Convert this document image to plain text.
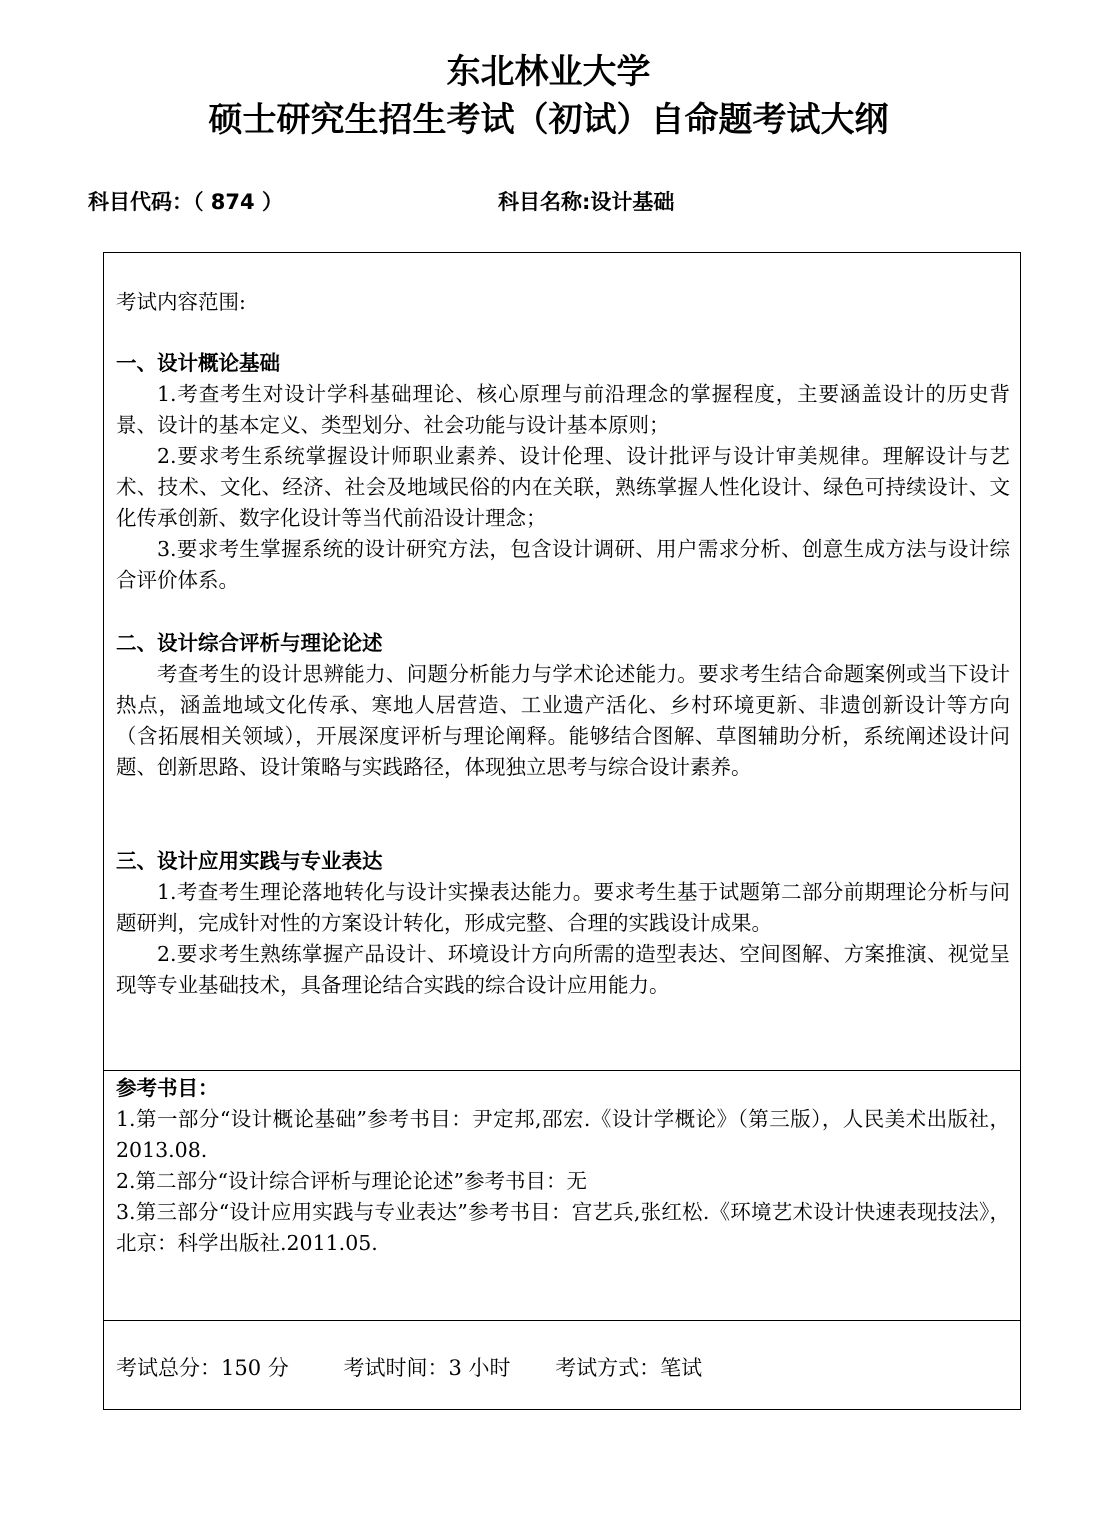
东北林业大学
硕士研究生招生考试（初试）自命题考试大纲
科目代码：（ 874 ）	科目名称:设计基础
考试内容范围:

一、设计概论基础

1.考查考生对设计学科基础理论、核心原理与前沿理念的掌握程度，主要涵盖设计的历史背景、设计的基本定义、类型划分、社会功能与设计基本原则；

2.要求考生系统掌握设计师职业素养、设计伦理、设计批评与设计审美规律。理解设计与艺术、技术、文化、经济、社会及地域民俗的内在关联，熟练掌握人性化设计、绿色可持续设计、文化传承创新、数字化设计等当代前沿设计理念；

3.要求考生掌握系统的设计研究方法，包含设计调研、用户需求分析、创意生成方法与设计综合评价体系。

二、设计综合评析与理论论述

考查考生的设计思辨能力、问题分析能力与学术论述能力。要求考生结合命题案例或当下设计热点，涵盖地域文化传承、寒地人居营造、工业遗产活化、乡村环境更新、非遗创新设计等方向（含拓展相关领域），开展深度评析与理论阐释。能够结合图解、草图辅助分析，系统阐述设计问题、创新思路、设计策略与实践路径，体现独立思考与综合设计素养。

三、设计应用实践与专业表达

1.考查考生理论落地转化与设计实操表达能力。要求考生基于试题第二部分前期理论分析与问题研判，完成针对性的方案设计转化，形成完整、合理的实践设计成果。

2.要求考生熟练掌握产品设计、环境设计方向所需的造型表达、空间图解、方案推演、视觉呈现等专业基础技术，具备理论结合实践的综合设计应用能力。

参考书目：

1.第一部分“设计概论基础”参考书目：尹定邦,邵宏.《设计学概论》（第三版），人民美术出版社，2013.08.

2.第二部分“设计综合评析与理论论述”参考书目：无

3.第三部分“设计应用实践与专业表达”参考书目：宫艺兵,张红松.《环境艺术设计快速表现技法》，北京：科学出版社.2011.05.

考试总分：150 分	考试时间：3 小时 考试方式：笔试
